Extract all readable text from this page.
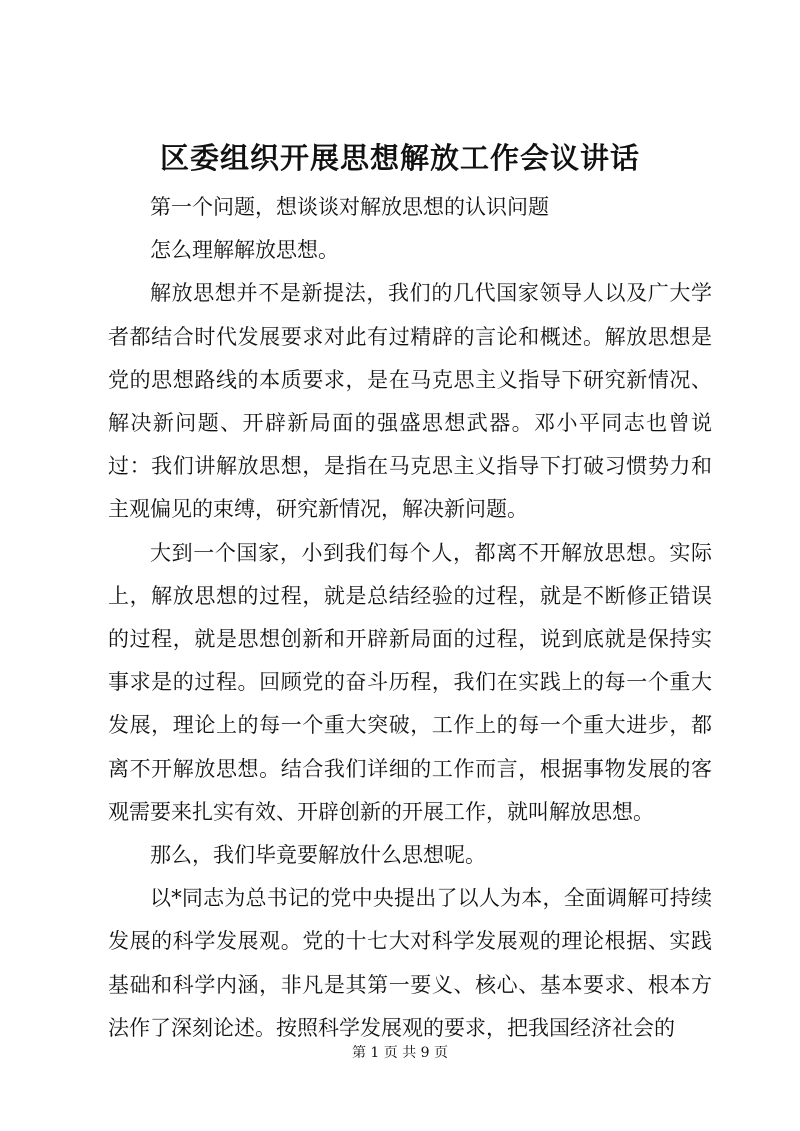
区委组织开展思想解放工作会议讲话

第一个问题，想谈谈对解放思想的认识问题

怎么理解解放思想。

解放思想并不是新提法，我们的几代国家领导人以及广大学者都结合时代发展要求对此有过精辟的言论和概述。解放思想是党的思想路线的本质要求，是在马克思主义指导下研究新情况、解决新问题、开辟新局面的强盛思想武器。邓小平同志也曾说过：我们讲解放思想，是指在马克思主义指导下打破习惯势力和主观偏见的束缚，研究新情况，解决新问题。

大到一个国家，小到我们每个人，都离不开解放思想。实际上，解放思想的过程，就是总结经验的过程，就是不断修正错误的过程，就是思想创新和开辟新局面的过程，说到底就是保持实事求是的过程。回顾党的奋斗历程，我们在实践上的每一个重大发展，理论上的每一个重大突破，工作上的每一个重大进步，都离不开解放思想。结合我们详细的工作而言，根据事物发展的客观需要来扎实有效、开辟创新的开展工作，就叫解放思想。

那么，我们毕竟要解放什么思想呢。

以*同志为总书记的党中央提出了以人为本，全面调解可持续发展的科学发展观。党的十七大对科学发展观的理论根据、实践基础和科学内涵，非凡是其第一要义、核心、基本要求、根本方法作了深刻论述。按照科学发展观的要求，把我国经济社会的

第 1 页 共 9 页
